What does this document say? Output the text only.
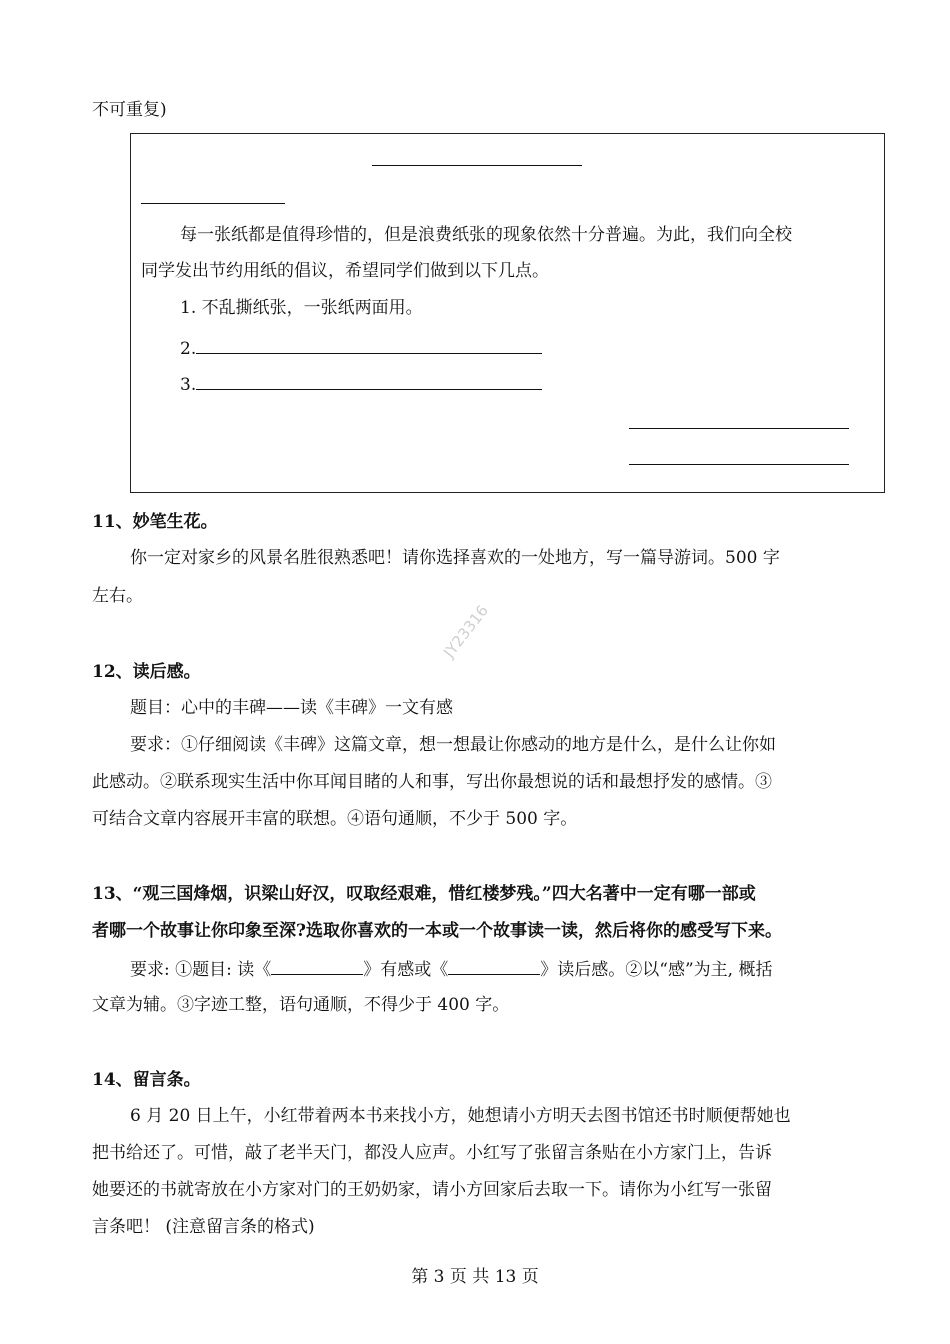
不可重复)
每一张纸都是值得珍惜的，但是浪费纸张的现象依然十分普遍。为此，我们向全校
同学发出节约用纸的倡议，希望同学们做到以下几点。
1. 不乱撕纸张，一张纸两面用。
2.
3.
11、妙笔生花。
你一定对家乡的风景名胜很熟悉吧！请你选择喜欢的一处地方，写一篇导游词。500 字
左右。
JY23316
12、读后感。
题目：心中的丰碑——读《丰碑》一文有感
要求：①仔细阅读《丰碑》这篇文章，想一想最让你感动的地方是什么，是什么让你如
此感动。②联系现实生活中你耳闻目睹的人和事，写出你最想说的话和最想抒发的感情。③
可结合文章内容展开丰富的联想。④语句通顺，不少于 500 字。
13、“观三国烽烟，识梁山好汉，叹取经艰难，惜红楼梦残。”四大名著中一定有哪一部或
者哪一个故事让你印象至深?选取你喜欢的一本或一个故事读一读，然后将你的感受写下来。
要求: ①题目: 读《	》有感或《	》读后感。②以“感”为主, 概括
文章为辅。③字迹工整，语句通顺，不得少于 400 字。
14、留言条。
6 月 20 日上午，小红带着两本书来找小方，她想请小方明天去图书馆还书时顺便帮她也
把书给还了。可惜，敲了老半天门，都没人应声。小红写了张留言条贴在小方家门上，告诉
她要还的书就寄放在小方家对门的王奶奶家，请小方回家后去取一下。请你为小红写一张留
言条吧！ (注意留言条的格式)
第 3 页 共 13 页
